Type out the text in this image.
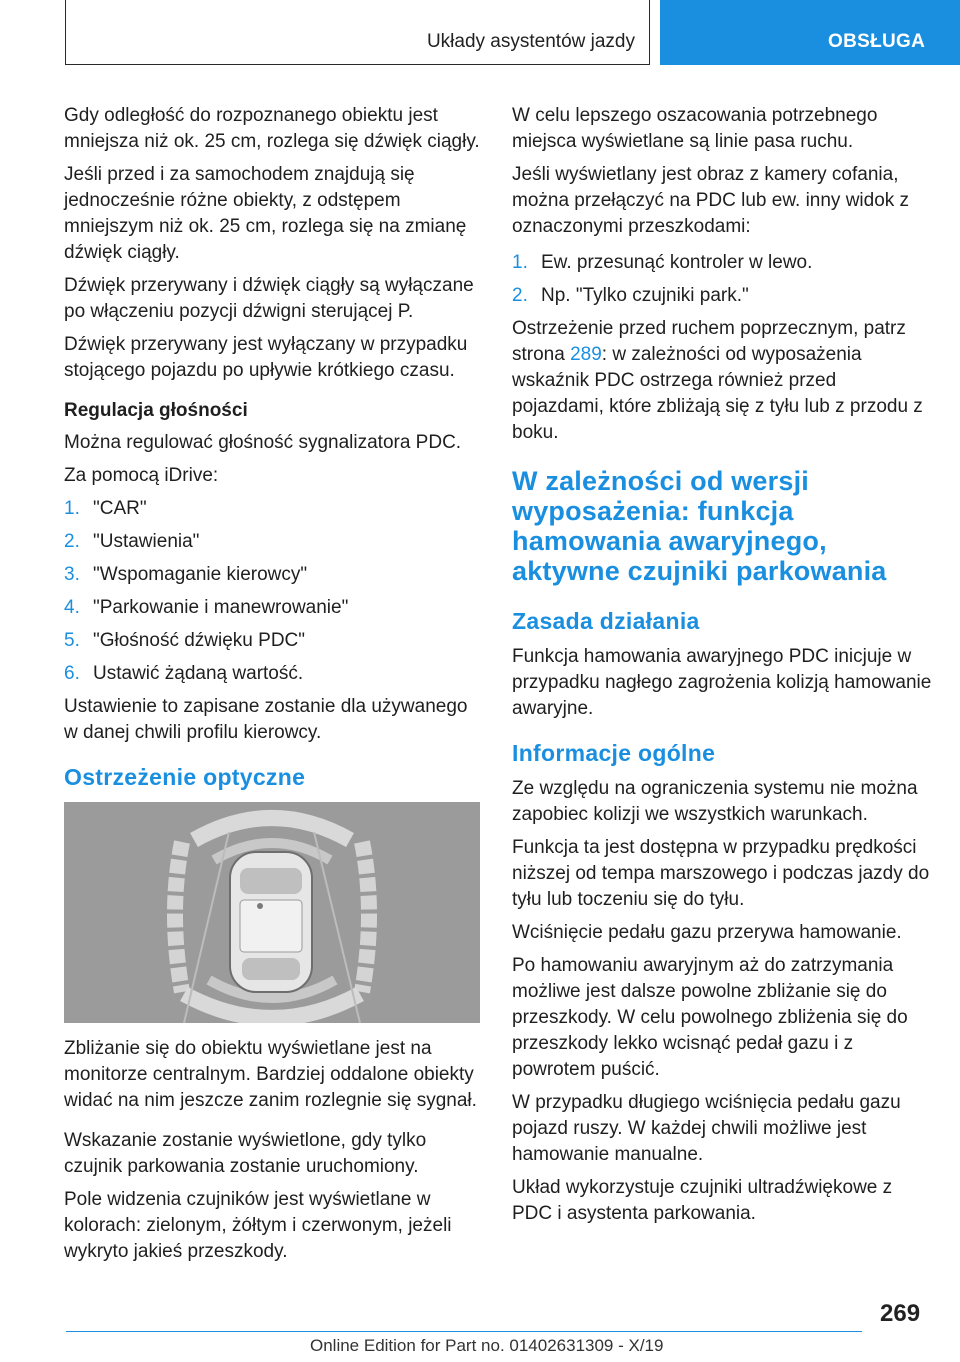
Układy asystentów jazdy	OBSŁUGA

Gdy odległość do rozpoznanego obiektu jest mniejsza niż ok. 25 cm, rozlega się dźwięk ciągły.

Jeśli przed i za samochodem znajdują się jednocześnie różne obiekty, z odstępem mniejszym niż ok. 25 cm, rozlega się na zmianę dźwięk ciągły.

Dźwięk przerywany i dźwięk ciągły są wyłączane po włączeniu pozycji dźwigni sterującej P.

Dźwięk przerywany jest wyłączany w przypadku stojącego pojazdu po upływie krótkiego czasu.

Regulacja głośności

Można regulować głośność sygnalizatora PDC.

Za pomocą iDrive:

1. "CAR"
2. "Ustawienia"
3. "Wspomaganie kierowcy"
4. "Parkowanie i manewrowanie"
5. "Głośność dźwięku PDC"
6. Ustawić żądaną wartość.

Ustawienie to zapisane zostanie dla używanego w danej chwili profilu kierowcy.

Ostrzeżenie optyczne

Zbliżanie się do obiektu wyświetlane jest na monitorze centralnym. Bardziej oddalone obiekty widać na nim jeszcze zanim rozlegnie się sygnał.

Wskazanie zostanie wyświetlone, gdy tylko czujnik parkowania zostanie uruchomiony.

Pole widzenia czujników jest wyświetlane w kolorach: zielonym, żółtym i czerwonym, jeżeli wykryto jakieś przeszkody.

W celu lepszego oszacowania potrzebnego miejsca wyświetlane są linie pasa ruchu.

Jeśli wyświetlany jest obraz z kamery cofania, można przełączyć na PDC lub ew. inny widok z oznaczonymi przeszkodami:

1. Ew. przesunąć kontroler w lewo.
2. Np. "Tylko czujniki park."

Ostrzeżenie przed ruchem poprzecznym, patrz strona 289: w zależności od wyposażenia wskaźnik PDC ostrzega również przed pojazdami, które zbliżają się z tyłu lub z przodu z boku.

W zależności od wersji wyposażenia: funkcja hamowania awaryjnego, aktywne czujniki parkowania
Zasada działania

Funkcja hamowania awaryjnego PDC inicjuje w przypadku nagłego zagrożenia kolizją hamowanie awaryjne.

Informacje ogólne

Ze względu na ograniczenia systemu nie można zapobiec kolizji we wszystkich warunkach.

Funkcja ta jest dostępna w przypadku prędkości niższej od tempa marszowego i podczas jazdy do tyłu lub toczeniu się do tyłu.

Wciśnięcie pedału gazu przerywa hamowanie.

Po hamowaniu awaryjnym aż do zatrzymania możliwe jest dalsze powolne zbliżanie się do przeszkody. W celu powolnego zbliżenia się do przeszkody lekko wcisnąć pedał gazu i z powrotem puścić.

W przypadku długiego wciśnięcia pedału gazu pojazd ruszy. W każdej chwili możliwe jest hamowanie manualne.

Układ wykorzystuje czujniki ultradźwiękowe z PDC i asystenta parkowania.

269
Online Edition for Part no. 01402631309 - X/19
